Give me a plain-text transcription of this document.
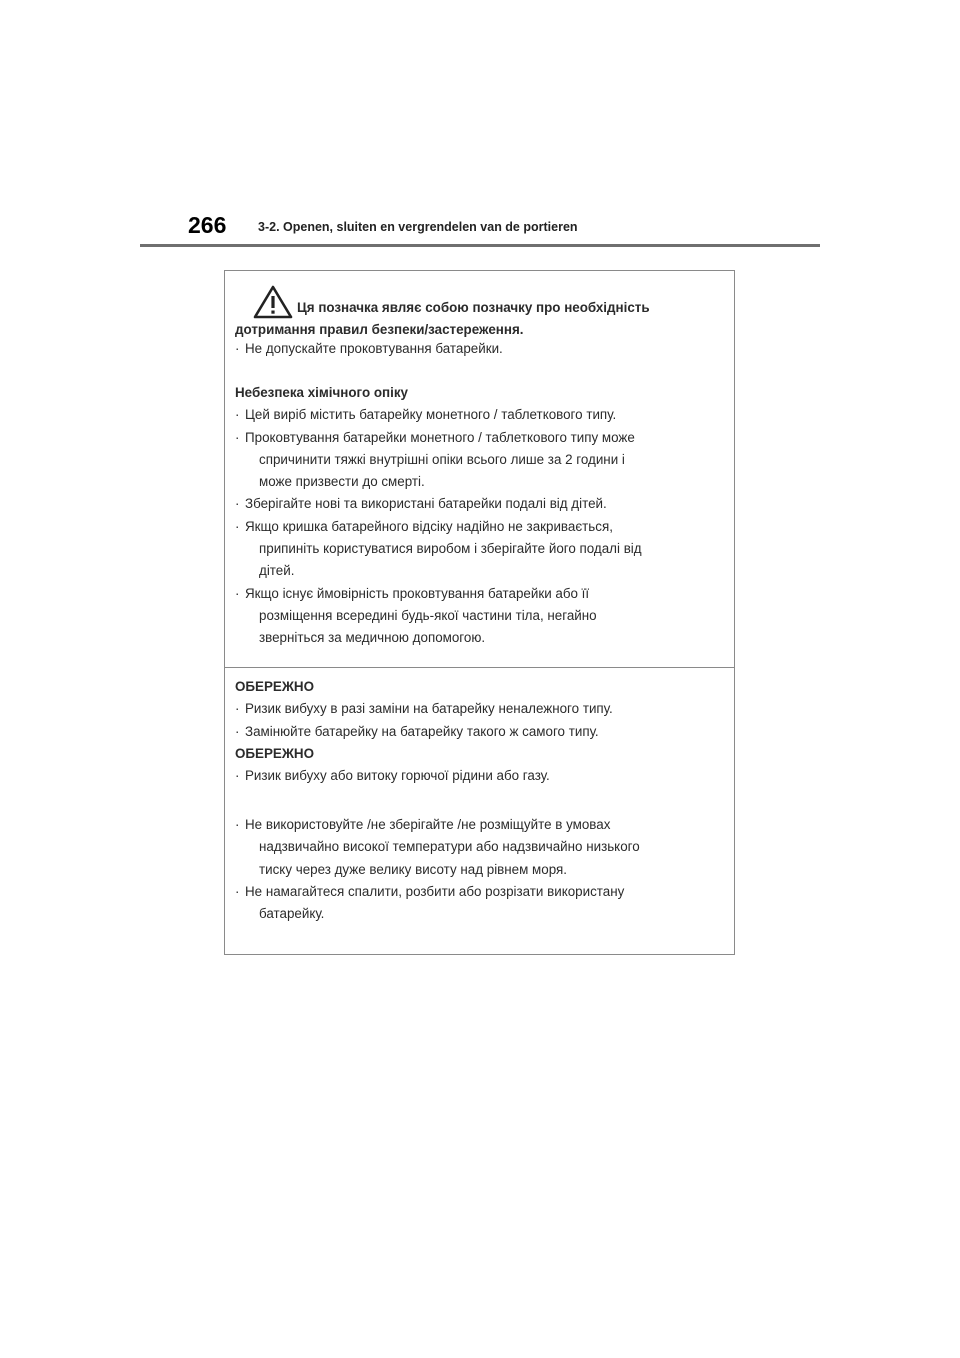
266	3-2. Openen, sluiten en vergrendelen van de portieren
Ця позначка являє собою позначку про необхідність
дотримання правил безпеки/застереження.
· Не допускайте проковтування батарейки.
Небезпека хімічного опіку
· Цей виріб містить батарейку монетного / таблеткового типу.
· Проковтування батарейки монетного / таблеткового типу може
спричинити тяжкі внутрішні опіки всього лише за 2 години і
може призвести до смерті.
· Зберігайте нові та використані батарейки подалі від дітей.
· Якщо кришка батарейного відсіку надійно не закривається,
припиніть користуватися виробом і зберігайте його подалі від
дітей.
· Якщо існує ймовірність проковтування батарейки або її
розміщення всередині будь-якої частини тіла, негайно
зверніться за медичною допомогою.
ОБЕРЕЖНО
· Ризик вибуху в разі заміни на батарейку неналежного типу.
· Замінюйте батарейку на батарейку такого ж самого типу.
ОБЕРЕЖНО
· Ризик вибуху або витоку горючої рідини або газу.
· Не використовуйте /не зберігайте /не розміщуйте в умовах
надзвичайно високої температури або надзвичайно низького
тиску через дуже велику висоту над рівнем моря.
· Не намагайтеся спалити, розбити або розрізати використану
батарейку.
